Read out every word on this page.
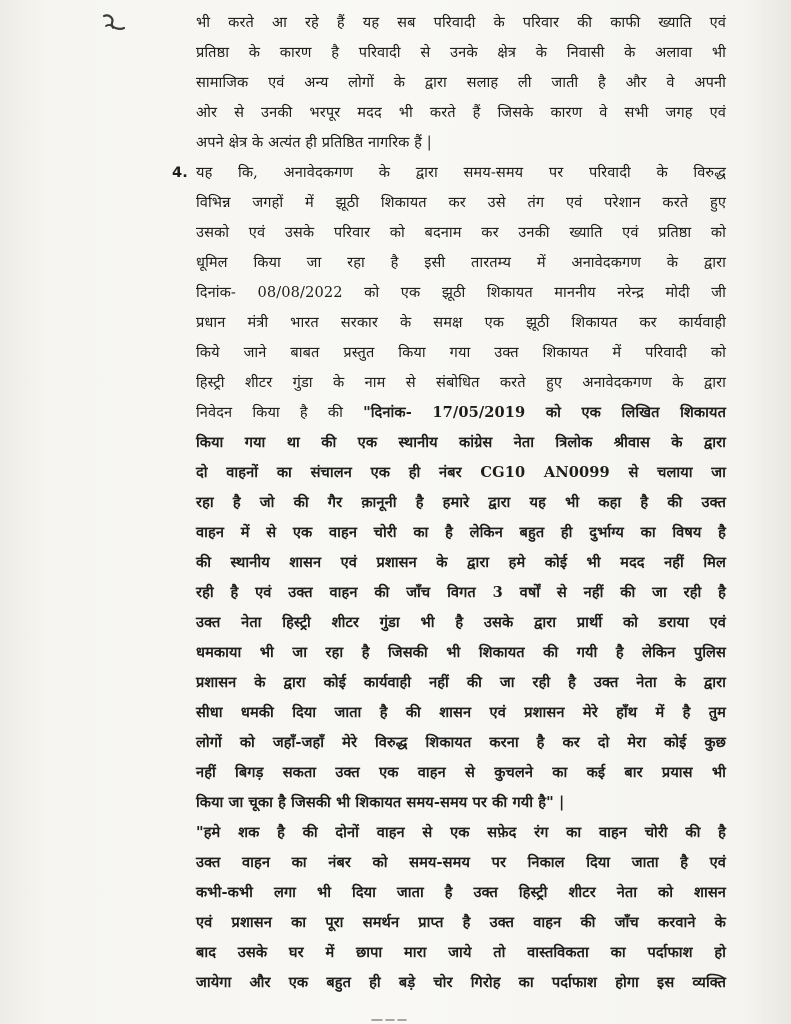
भी करते आ रहे हैं यह सब परिवादी के परिवार की काफी ख्याति एवं
प्रतिष्ठा के कारण है परिवादी से उनके क्षेत्र के निवासी के अलावा भी
सामाजिक एवं अन्य लोगों के द्वारा सलाह ली जाती है और वे अपनी
ओर से उनकी भरपूर मदद भी करते हैं जिसके कारण वे सभी जगह एवं
अपने क्षेत्र के अत्यंत ही प्रतिष्ठित नागरिक हैं |
4. यह कि, अनावेदकगण के द्वारा समय-समय पर परिवादी के विरुद्ध
विभिन्न जगहों में झूठी शिकायत कर उसे तंग एवं परेशान करते हुए
उसको एवं उसके परिवार को बदनाम कर उनकी ख्याति एवं प्रतिष्ठा को
धूमिल किया जा रहा है इसी तारतम्य में अनावेदकगण के द्वारा
दिनांक- 08/08/2022 को एक झूठी शिकायत माननीय नरेन्द्र मोदी जी
प्रधान मंत्री भारत सरकार के समक्ष एक झूठी शिकायत कर कार्यवाही
किये जाने बाबत प्रस्तुत किया गया उक्त शिकायत में परिवादी को
हिस्ट्री शीटर गुंडा के नाम से संबोधित करते हुए अनावेदकगण के द्वारा
निवेदन किया है की "दिनांक- 17/05/2019 को एक लिखित शिकायत
किया गया था की एक स्थानीय कांग्रेस नेता त्रिलोक श्रीवास के द्वारा
दो वाहनों का संचालन एक ही नंबर CG10 AN0099 से चलाया जा
रहा है जो की गैर क़ानूनी है हमारे द्वारा यह भी कहा है की उक्त
वाहन में से एक वाहन चोरी का है लेकिन बहुत ही दुर्भाग्य का विषय है
की स्थानीय शासन एवं प्रशासन के द्वारा हमे कोई भी मदद नहीं मिल
रही है एवं उक्त वाहन की जाँच विगत 3 वर्षों से नहीं की जा रही है
उक्त नेता हिस्ट्री शीटर गुंडा भी है उसके द्वारा प्रार्थी को डराया एवं
धमकाया भी जा रहा है जिसकी भी शिकायत की गयी है लेकिन पुलिस
प्रशासन के द्वारा कोई कार्यवाही नहीं की जा रही है उक्त नेता के द्वारा
सीधा धमकी दिया जाता है की शासन एवं प्रशासन मेरे हाँथ में है तुम
लोगों को जहाँ-जहाँ मेरे विरुद्ध शिकायत करना है कर दो मेरा कोई कुछ
नहीं बिगड़ सकता उक्त एक वाहन से कुचलने का कई बार प्रयास भी
किया जा चूका है जिसकी भी शिकायत समय-समय पर की गयी है" |
"हमे शक है की दोनों वाहन से एक सफ़ेद रंग का वाहन चोरी की है
उक्त वाहन का नंबर को समय-समय पर निकाल दिया जाता है एवं
कभी-कभी लगा भी दिया जाता है उक्त हिस्ट्री शीटर नेता को शासन
एवं प्रशासन का पूरा समर्थन प्राप्त है उक्त वाहन की जाँच करवाने के
बाद उसके घर में छापा मारा जाये तो वास्तविकता का पर्दाफाश हो
जायेगा और एक बहुत ही बड़े चोर गिरोह का पर्दाफाश होगा इस व्यक्ति
